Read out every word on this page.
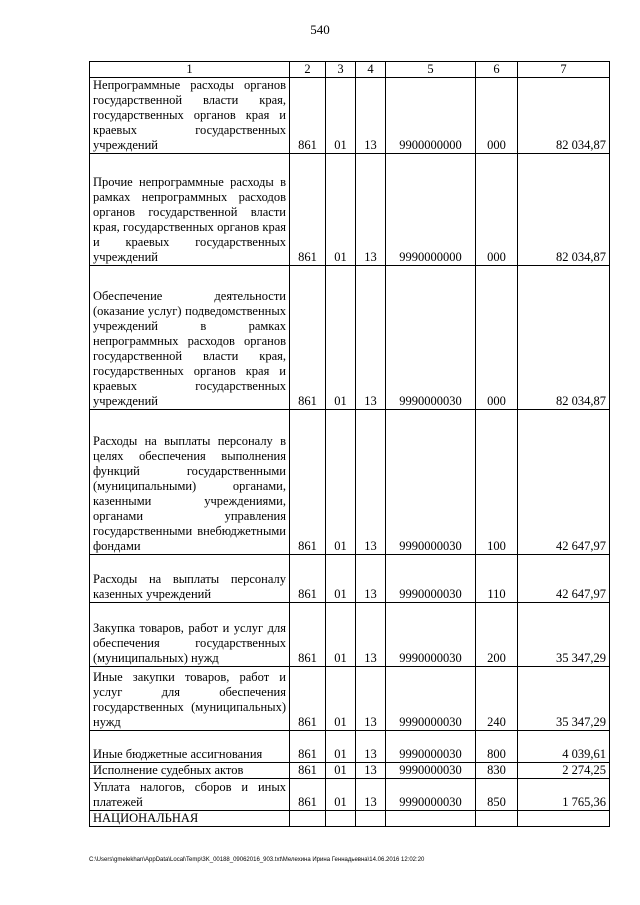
540
1	2	3	4	5	6	7
Непрограммные расходы органов государственной власти края, государственных органов края и краевых государственных учреждений	861	01	13	9900000000	000	82 034,87
Прочие непрограммные расходы в рамках непрограммных расходов органов государственной власти края, государственных органов края и краевых государственных учреждений	861	01	13	9990000000	000	82 034,87
Обеспечение деятельности (оказание услуг) подведомственных учреждений в рамках непрограммных расходов органов государственной власти края, государственных органов края и краевых государственных учреждений	861	01	13	9990000030	000	82 034,87
Расходы на выплаты персоналу в целях обеспечения выполнения функций государственными (муниципальными) органами, казенными учреждениями, органами управления государственными внебюджетными фондами	861	01	13	9990000030	100	42 647,97
Расходы на выплаты персоналу казенных учреждений	861	01	13	9990000030	110	42 647,97
Закупка товаров, работ и услуг для обеспечения государственных (муниципальных) нужд	861	01	13	9990000030	200	35 347,29
Иные закупки товаров, работ и услуг для обеспечения государственных (муниципальных) нужд	861	01	13	9990000030	240	35 347,29
Иные бюджетные ассигнования	861	01	13	9990000030	800	4 039,61
Исполнение судебных актов	861	01	13	9990000030	830	2 274,25
Уплата налогов, сборов и иных платежей	861	01	13	9990000030	850	1 765,36
НАЦИОНАЛЬНАЯ						
C:\Users\gmelekhan\AppData\Local\Temp\3K_00188_09062016_903.txt\Мелехина Ирина Геннадьевна\14.06.2016 12:02:20
